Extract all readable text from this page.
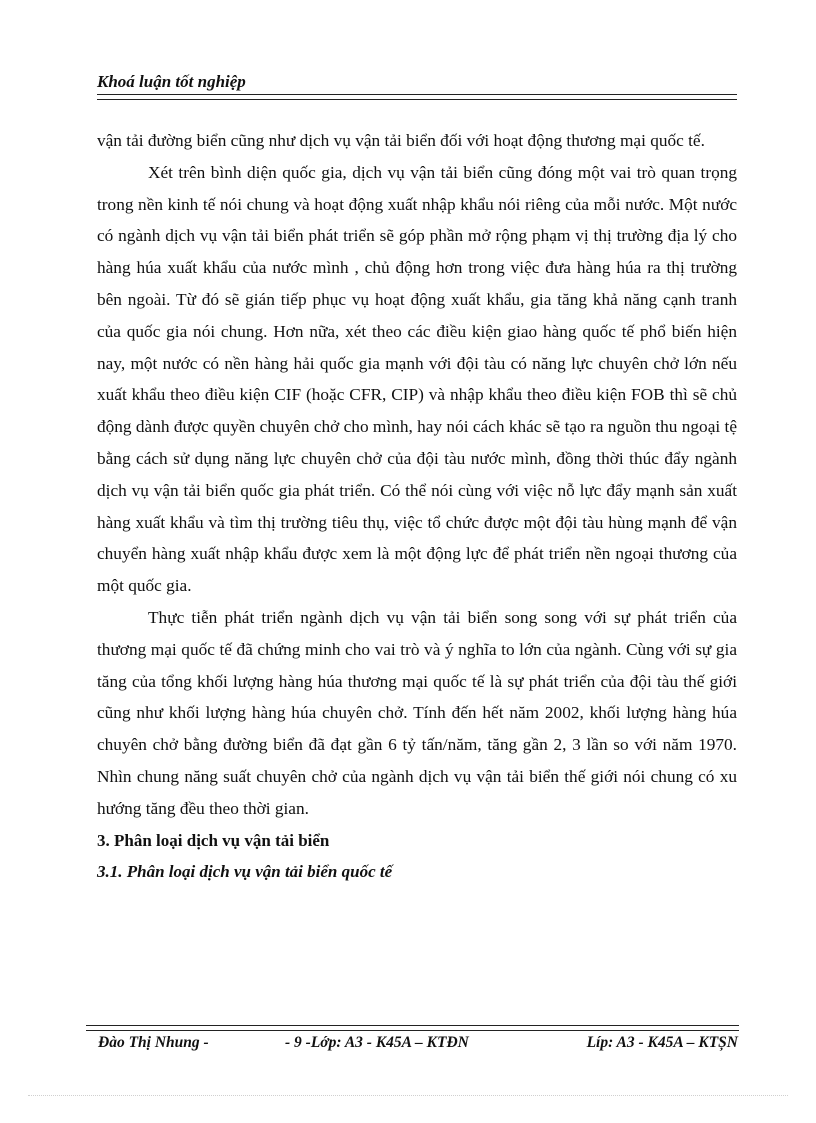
Khoá luận tốt nghiệp

vận tải đường biển cũng như dịch vụ vận tải biển đối với hoạt động thương mại quốc tế.

Xét trên bình diện quốc gia, dịch vụ vận tải biển cũng đóng một vai trò quan trọng trong nền kinh tế nói chung và hoạt động xuất nhập khẩu nói riêng của mỗi nước. Một nước có ngành dịch vụ vận tải biển phát triển sẽ góp phần mở rộng phạm vị thị trường địa lý cho hàng húa xuất khẩu của nước mình , chủ động hơn trong việc đưa hàng húa ra thị trường bên ngoài. Từ đó sẽ gián tiếp phục vụ hoạt động xuất khẩu, gia tăng khả năng cạnh tranh của quốc gia nói chung. Hơn nữa, xét theo các điều kiện giao hàng quốc tế phổ biến hiện nay, một nước có nền hàng hải quốc gia mạnh với đội tàu có năng lực chuyên chở lớn nếu xuất khẩu theo điều kiện CIF (hoặc CFR, CIP) và nhập khẩu theo điều kiện FOB thì sẽ chủ động dành được quyền chuyên chở cho mình, hay nói cách khác sẽ tạo ra nguồn thu ngoại tệ bằng cách sử dụng năng lực chuyên chở của đội tàu nước mình, đồng thời thúc đẩy ngành dịch vụ vận tải biển quốc gia phát triển. Có thể nói cùng với việc nỗ lực đẩy mạnh sản xuất hàng xuất khẩu và tìm thị trường tiêu thụ, việc tổ chức được một đội tàu hùng mạnh để vận chuyển hàng xuất nhập khẩu được xem là một động lực để phát triển nền ngoại thương của một quốc gia.

Thực tiễn phát triển ngành dịch vụ vận tải biển song song với sự phát triển của thương mại quốc tế đã chứng minh cho vai trò và ý nghĩa to lớn của ngành. Cùng với sự gia tăng của tổng khối lượng hàng húa thương mại quốc tế là sự phát triển của đội tàu thế giới cũng như khối lượng hàng húa chuyên chở. Tính đến hết năm 2002, khối lượng hàng húa chuyên chở bằng đường biển đã đạt gần 6 tỷ tấn/năm, tăng gần 2, 3 lần so với năm 1970. Nhìn chung năng suất chuyên chở của ngành dịch vụ vận tải biển thế giới nói chung có xu hướng tăng đều theo thời gian.

3. Phân loại dịch vụ vận tải biển
3.1. Phân loại dịch vụ vận tải biển quốc tế
Đào Thị Nhung -	- 9 -Lớp: A3 - K45A – KTĐN	Líp: A3 - K45A – KTȘN
